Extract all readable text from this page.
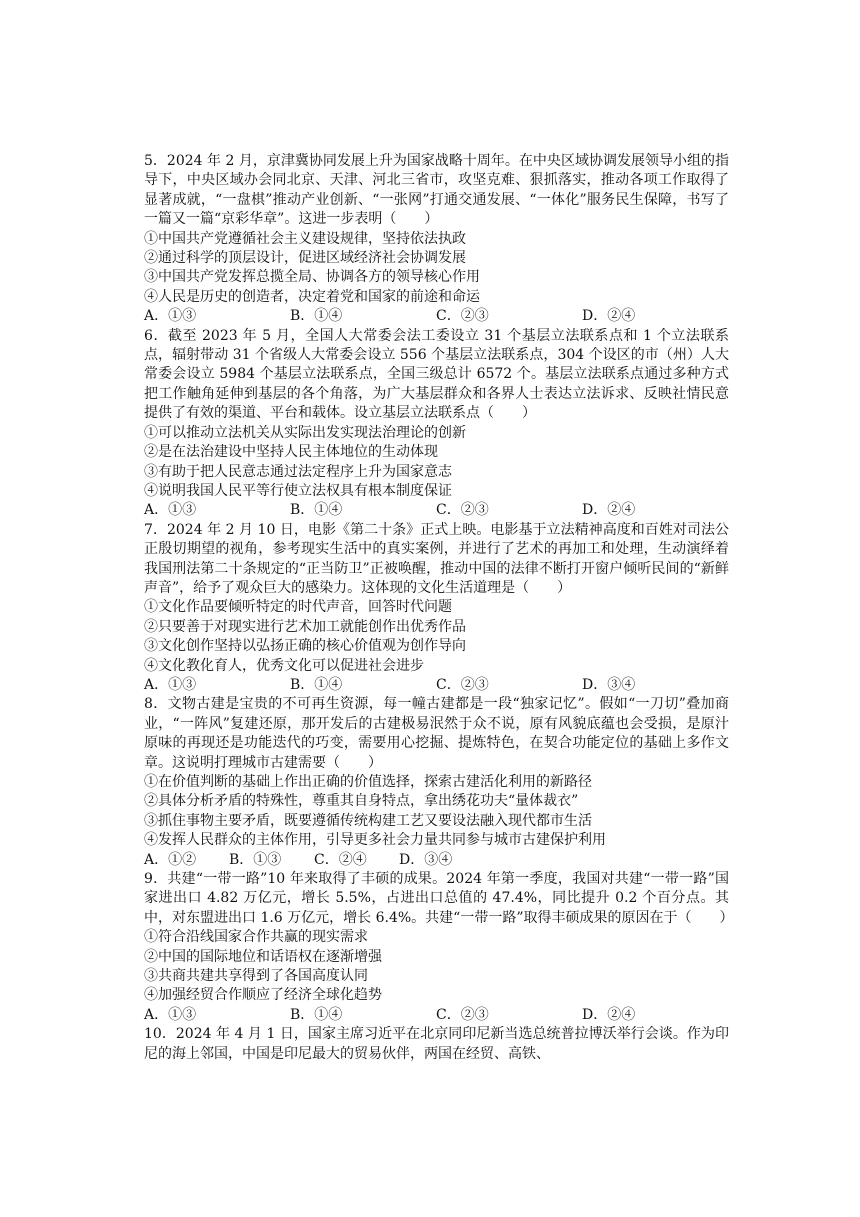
5．2024 年 2 月，京津冀协同发展上升为国家战略十周年。在中央区域协调发展领导小组的指导下，中央区域办会同北京、天津、河北三省市，攻坚克难、狠抓落实，推动各项工作取得了显著成就，“一盘棋”推动产业创新、“一张网”打通交通发展、“一体化”服务民生保障，书写了一篇又一篇“京彩华章”。这进一步表明（　　）

①中国共产党遵循社会主义建设规律，坚持依法执政

②通过科学的顶层设计，促进区域经济社会协调发展

③中国共产党发挥总揽全局、协调各方的领导核心作用

④人民是历史的创造者，决定着党和国家的前途和命运

A．①③	B．①④	C．②③	D．②④

6．截至 2023 年 5 月，全国人大常委会法工委设立 31 个基层立法联系点和 1 个立法联系点，辐射带动 31 个省级人大常委会设立 556 个基层立法联系点，304 个设区的市（州）人大常委会设立 5984 个基层立法联系点，全国三级总计 6572 个。基层立法联系点通过多种方式把工作触角延伸到基层的各个角落，为广大基层群众和各界人士表达立法诉求、反映社情民意提供了有效的渠道、平台和载体。设立基层立法联系点（　　）

①可以推动立法机关从实际出发实现法治理论的创新

②是在法治建设中坚持人民主体地位的生动体现

③有助于把人民意志通过法定程序上升为国家意志

④说明我国人民平等行使立法权具有根本制度保证

A．①③	B．①④	C．②③	D．②④

7．2024 年 2 月 10 日，电影《第二十条》正式上映。电影基于立法精神高度和百姓对司法公正殷切期望的视角，参考现实生活中的真实案例，并进行了艺术的再加工和处理，生动演绎着我国刑法第二十条规定的“正当防卫”正被唤醒，推动中国的法律不断打开窗户倾听民间的“新鲜声音”，给予了观众巨大的感染力。这体现的文化生活道理是（　　）

①文化作品要倾听特定的时代声音，回答时代问题

②只要善于对现实进行艺术加工就能创作出优秀作品

③文化创作坚持以弘扬正确的核心价值观为创作导向

④文化教化育人，优秀文化可以促进社会进步

A．①③	B．①④	C．②③	D．③④

8．文物古建是宝贵的不可再生资源，每一幢古建都是一段“独家记忆”。假如“一刀切”叠加商业，“一阵风”复建还原，那开发后的古建极易泯然于众不说，原有风貌底蕴也会受损，是原汁原味的再现还是功能迭代的巧变，需要用心挖掘、提炼特色，在契合功能定位的基础上多作文章。这说明打理城市古建需要（　　）

①在价值判断的基础上作出正确的价值选择，探索古建活化利用的新路径

②具体分析矛盾的特殊性，尊重其自身特点，拿出绣花功夫“量体裁衣”

③抓住事物主要矛盾，既要遵循传统构建工艺又要设法融入现代都市生活

④发挥人民群众的主体作用，引导更多社会力量共同参与城市古建保护利用

A．①②	B．①③	C．②④	D．③④

9．共建“一带一路”10 年来取得了丰硕的成果。2024 年第一季度，我国对共建“一带一路”国家进出口 4.82 万亿元，增长 5.5%，占进出口总值的 47.4%，同比提升 0.2 个百分点。其中，对东盟进出口 1.6 万亿元，增长 6.4%。共建“一带一路”取得丰硕成果的原因在于（　　）

①符合沿线国家合作共赢的现实需求

②中国的国际地位和话语权在逐渐增强

③共商共建共享得到了各国高度认同

④加强经贸合作顺应了经济全球化趋势

A．①③	B．①④	C．②③	D．②④

10．2024 年 4 月 1 日，国家主席习近平在北京同印尼新当选总统普拉博沃举行会谈。作为印尼的海上邻国，中国是印尼最大的贸易伙伴，两国在经贸、高铁、
